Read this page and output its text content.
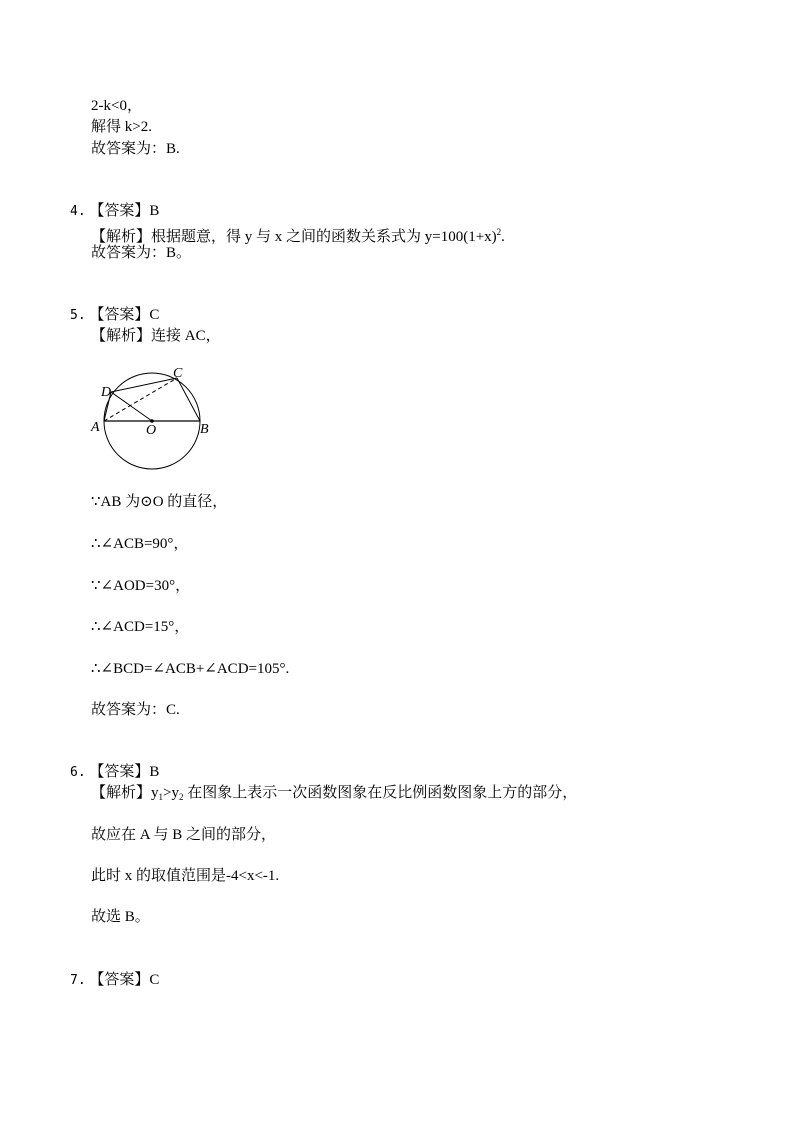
2-k<0，
解得 k>2.
故答案为：B.
4. 【答案】B
【解析】根据题意，得 y 与 x 之间的函数关系式为 $y=100(1+x)^2$.
故答案为：B。
5. 【答案】C
【解析】连接 AC，
A	B
C
D
O
∵AB 为⊙O 的直径，
∴∠ACB=90°，
∵∠AOD=30°，
∴∠ACD=15°，
∴∠BCD=∠ACB+∠ACD=105°.
故答案为：C.
6. 【答案】B
【解析】$y_1>y_2$ 在图象上表示一次函数图象在反比例函数图象上方的部分，
故应在 A 与 B 之间的部分，
此时 x 的取值范围是-4<x<-1.
故选 B。
7. 【答案】C
